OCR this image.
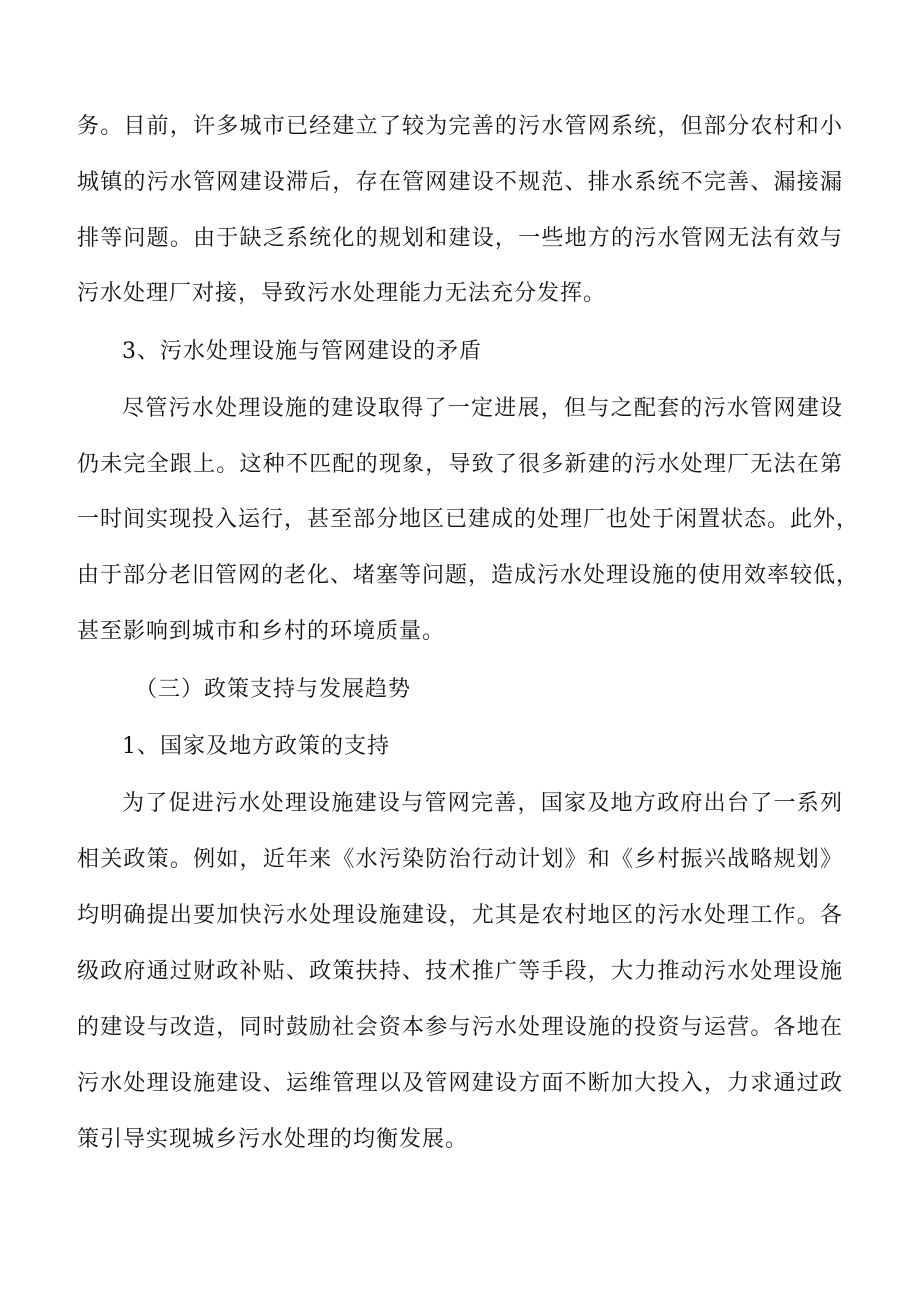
务。目前，许多城市已经建立了较为完善的污水管网系统，但部分农村和小
城镇的污水管网建设滞后，存在管网建设不规范、排水系统不完善、漏接漏
排等问题。由于缺乏系统化的规划和建设，一些地方的污水管网无法有效与
污水处理厂对接，导致污水处理能力无法充分发挥。
3、污水处理设施与管网建设的矛盾
尽管污水处理设施的建设取得了一定进展，但与之配套的污水管网建设
仍未完全跟上。这种不匹配的现象，导致了很多新建的污水处理厂无法在第
一时间实现投入运行，甚至部分地区已建成的处理厂也处于闲置状态。此外，
由于部分老旧管网的老化、堵塞等问题，造成污水处理设施的使用效率较低，
甚至影响到城市和乡村的环境质量。
（三）政策支持与发展趋势
1、国家及地方政策的支持
为了促进污水处理设施建设与管网完善，国家及地方政府出台了一系列
相关政策。例如，近年来《水污染防治行动计划》和《乡村振兴战略规划》
均明确提出要加快污水处理设施建设，尤其是农村地区的污水处理工作。各
级政府通过财政补贴、政策扶持、技术推广等手段，大力推动污水处理设施
的建设与改造，同时鼓励社会资本参与污水处理设施的投资与运营。各地在
污水处理设施建设、运维管理以及管网建设方面不断加大投入，力求通过政
策引导实现城乡污水处理的均衡发展。
